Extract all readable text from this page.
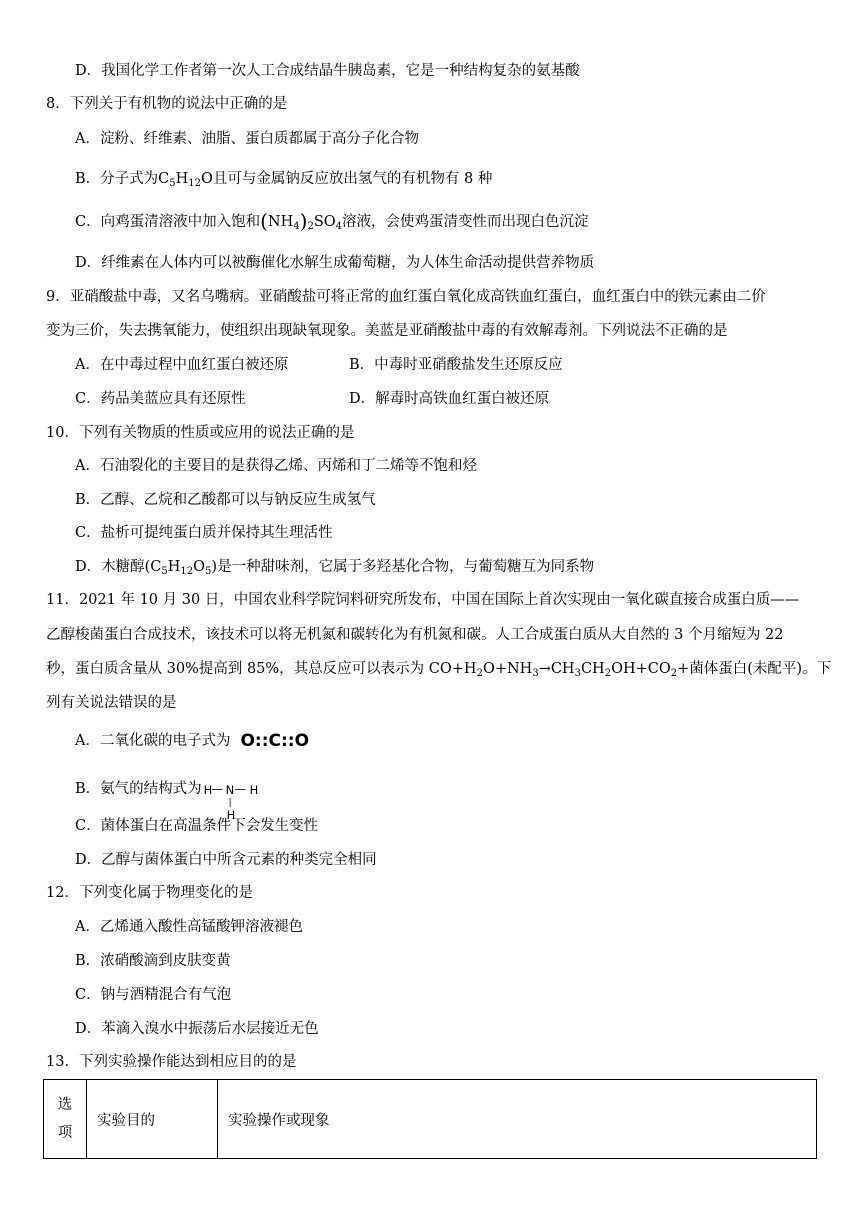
D．我国化学工作者第一次人工合成结晶牛胰岛素，它是一种结构复杂的氨基酸
8．下列关于有机物的说法中正确的是
A．淀粉、纤维素、油脂、蛋白质都属于高分子化合物
B．分子式为$C_5H_{12}O$且可与金属钠反应放出氢气的有机物有 8 种
C．向鸡蛋清溶液中加入饱和$(NH_4)_2SO_4$溶液，会使鸡蛋清变性而出现白色沉淀
D．纤维素在人体内可以被酶催化水解生成葡萄糖，为人体生命活动提供营养物质
9．亚硝酸盐中毒，又名乌嘴病。亚硝酸盐可将正常的血红蛋白氧化成高铁血红蛋白，血红蛋白中的铁元素由二价
变为三价，失去携氧能力，使组织出现缺氧现象。美蓝是亚硝酸盐中毒的有效解毒剂。下列说法不正确的是
A．在中毒过程中血红蛋白被还原	B．中毒时亚硝酸盐发生还原反应
C．药品美蓝应具有还原性	D．解毒时高铁血红蛋白被还原
10．下列有关物质的性质或应用的说法正确的是
A．石油裂化的主要目的是获得乙烯、丙烯和丁二烯等不饱和烃
B．乙醇、乙烷和乙酸都可以与钠反应生成氢气
C．盐析可提纯蛋白质并保持其生理活性
D．木糖醇$(C_5H_{12}O_5)$是一种甜味剂，它属于多羟基化合物，与葡萄糖互为同系物
11．2021 年 10 月 30 日，中国农业科学院饲料研究所发布，中国在国际上首次实现由一氧化碳直接合成蛋白质——
乙醇梭菌蛋白合成技术，该技术可以将无机氮和碳转化为有机氮和碳。人工合成蛋白质从大自然的 3 个月缩短为 22
秒，蛋白质含量从 30%提高到 85%，其总反应可以表示为 $CO+H_2O+NH_3\to CH_3CH_2OH+CO_2+$菌体蛋白(未配平)。下
列有关说法错误的是
A．二氧化碳的电子式为 O::C::O
B．氨气的结构式为 H — N — H
|
H
C．菌体蛋白在高温条件下会发生变性
D．乙醇与菌体蛋白中所含元素的种类完全相同
12．下列变化属于物理变化的是
A．乙烯通入酸性高锰酸钾溶液褪色
B．浓硝酸滴到皮肤变黄
C．钠与酒精混合有气泡
D．苯滴入溴水中振荡后水层接近无色
13．下列实验操作能达到相应目的的是
选
项	实验目的	实验操作或现象
